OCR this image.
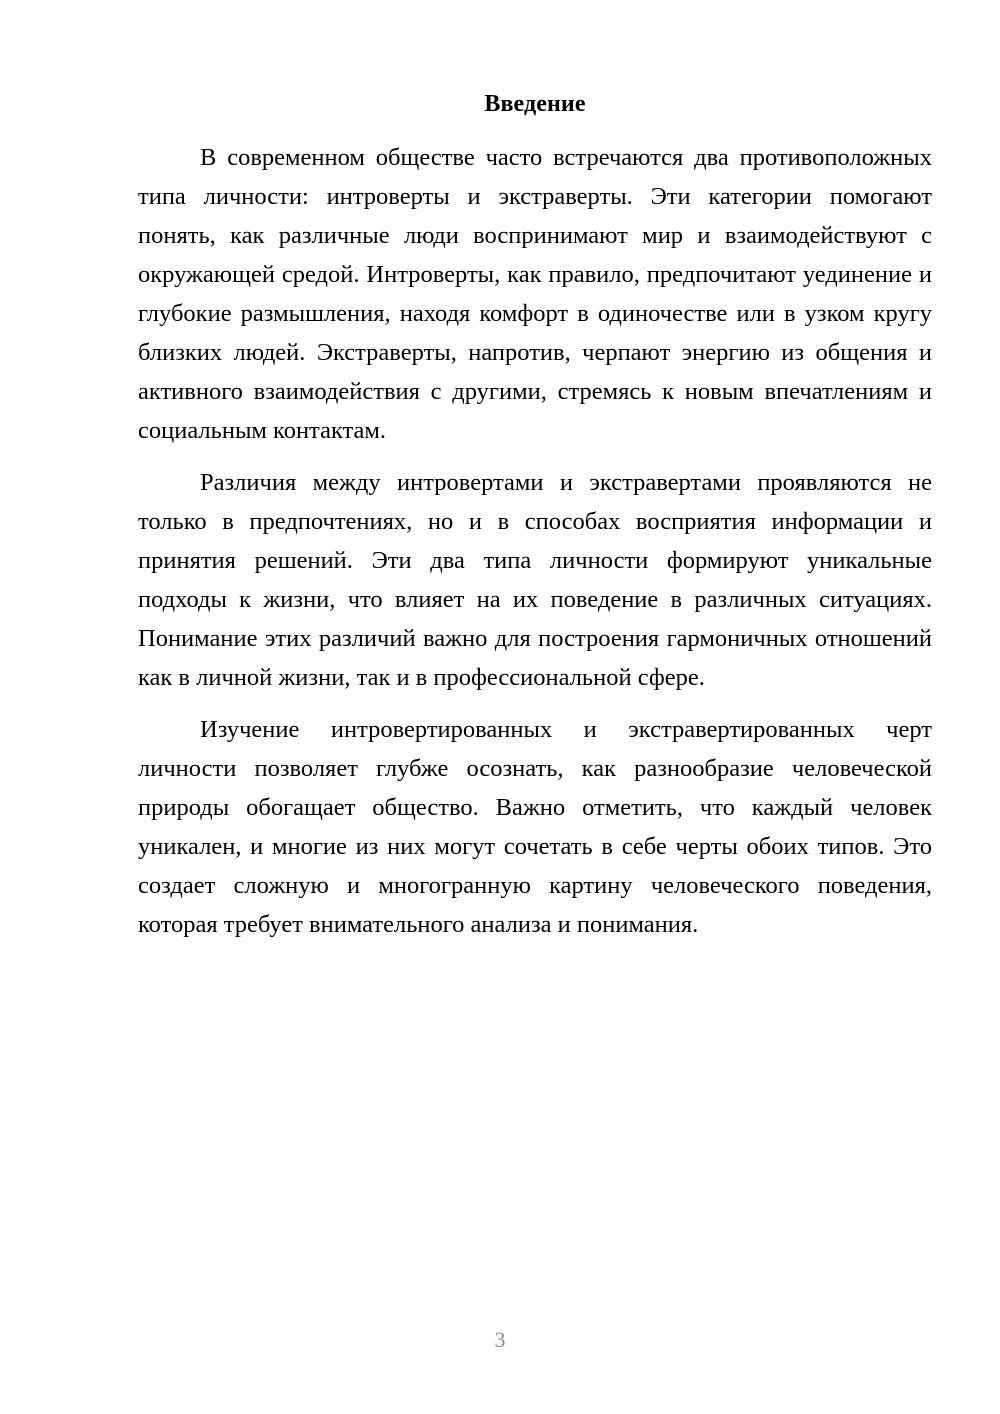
Введение

В современном обществе часто встречаются два противоположных типа личности: интроверты и экстраверты. Эти категории помогают понять, как различные люди воспринимают мир и взаимодействуют с окружающей средой. Интроверты, как правило, предпочитают уединение и глубокие размышления, находя комфорт в одиночестве или в узком кругу близких людей. Экстраверты, напротив, черпают энергию из общения и активного взаимодействия с другими, стремясь к новым впечатлениям и социальным контактам.

Различия между интровертами и экстравертами проявляются не только в предпочтениях, но и в способах восприятия информации и принятия решений. Эти два типа личности формируют уникальные подходы к жизни, что влияет на их поведение в различных ситуациях. Понимание этих различий важно для построения гармоничных отношений как в личной жизни, так и в профессиональной сфере.

Изучение интровертированных и экстравертированных черт личности позволяет глубже осознать, как разнообразие человеческой природы обогащает общество. Важно отметить, что каждый человек уникален, и многие из них могут сочетать в себе черты обоих типов. Это создает сложную и многогранную картину человеческого поведения, которая требует внимательного анализа и понимания.

3
